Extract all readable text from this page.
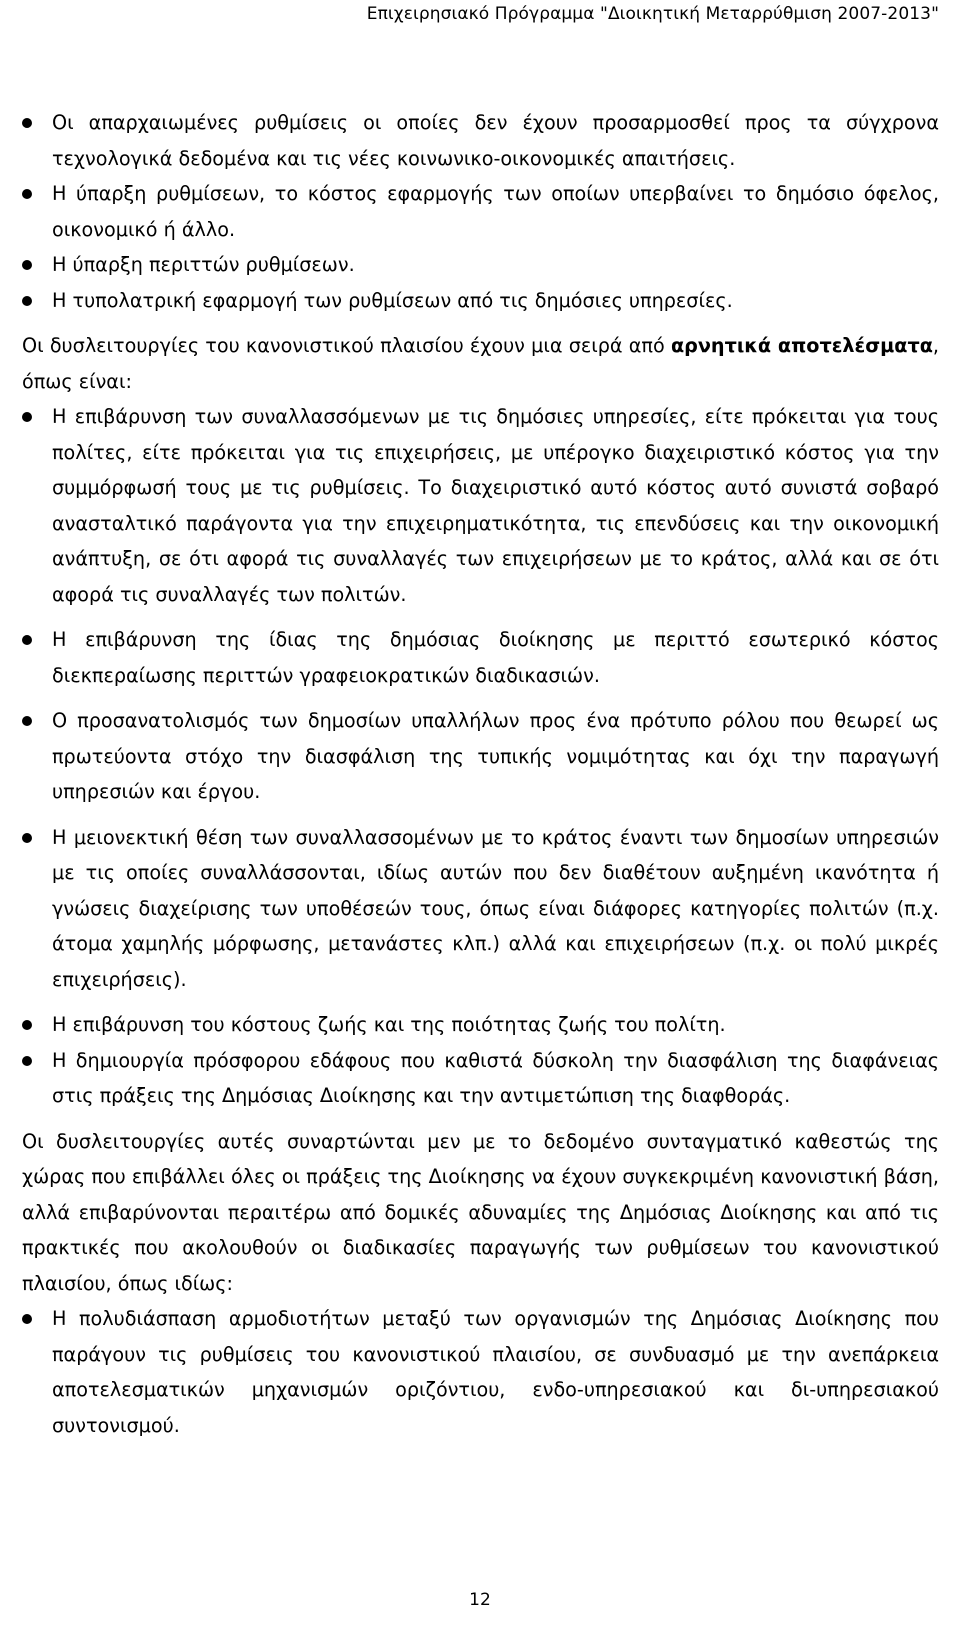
Επιχειρησιακό Πρόγραμμα "Διοικητική Μεταρρύθμιση 2007-2013"
Οι απαρχαιωμένες ρυθμίσεις οι οποίες δεν έχουν προσαρμοσθεί προς τα σύγχρονα τεχνολογικά δεδομένα και τις νέες κοινωνικο-οικονομικές απαιτήσεις.
Η ύπαρξη ρυθμίσεων, το κόστος εφαρμογής των οποίων υπερβαίνει το δημόσιο όφελος, οικονομικό ή άλλο.
Η ύπαρξη περιττών ρυθμίσεων.
Η τυπολατρική εφαρμογή των ρυθμίσεων από τις δημόσιες υπηρεσίες.

Οι δυσλειτουργίες του κανονιστικού πλαισίου έχουν μια σειρά από αρνητικά αποτελέσματα, όπως είναι:

Η επιβάρυνση των συναλλασσόμενων με τις δημόσιες υπηρεσίες, είτε πρόκειται για τους πολίτες, είτε πρόκειται για τις επιχειρήσεις, με υπέρογκο διαχειριστικό κόστος για την συμμόρφωσή τους με τις ρυθμίσεις. Το διαχειριστικό αυτό κόστος αυτό συνιστά σοβαρό ανασταλτικό παράγοντα για την επιχειρηματικότητα, τις επενδύσεις και την οικονομική ανάπτυξη, σε ότι αφορά τις συναλλαγές των επιχειρήσεων με το κράτος, αλλά και σε ότι αφορά τις συναλλαγές των πολιτών.
Η επιβάρυνση της ίδιας της δημόσιας διοίκησης με περιττό εσωτερικό κόστος διεκπεραίωσης περιττών γραφειοκρατικών διαδικασιών.
Ο προσανατολισμός των δημοσίων υπαλλήλων προς ένα πρότυπο ρόλου που θεωρεί ως πρωτεύοντα στόχο την διασφάλιση της τυπικής νομιμότητας και όχι την παραγωγή υπηρεσιών και έργου.
Η μειονεκτική θέση των συναλλασσομένων με το κράτος έναντι των δημοσίων υπηρεσιών με τις οποίες συναλλάσσονται, ιδίως αυτών που δεν διαθέτουν αυξημένη ικανότητα ή γνώσεις διαχείρισης των υποθέσεών τους, όπως είναι διάφορες κατηγορίες πολιτών (π.χ. άτομα χαμηλής μόρφωσης, μετανάστες κλπ.) αλλά και επιχειρήσεων (π.χ. οι πολύ μικρές επιχειρήσεις).
Η επιβάρυνση του κόστους ζωής και της ποιότητας ζωής του πολίτη.
Η δημιουργία πρόσφορου εδάφους που καθιστά δύσκολη την διασφάλιση της διαφάνειας στις πράξεις της Δημόσιας Διοίκησης και την αντιμετώπιση της διαφθοράς.

Οι δυσλειτουργίες αυτές συναρτώνται μεν με το δεδομένο συνταγματικό καθεστώς της χώρας που επιβάλλει όλες οι πράξεις της Διοίκησης να έχουν συγκεκριμένη κανονιστική βάση, αλλά επιβαρύνονται περαιτέρω από δομικές αδυναμίες της Δημόσιας Διοίκησης και από τις πρακτικές που ακολουθούν οι διαδικασίες παραγωγής των ρυθμίσεων του κανονιστικού πλαισίου, όπως ιδίως:

Η πολυδιάσπαση αρμοδιοτήτων μεταξύ των οργανισμών της Δημόσιας Διοίκησης που παράγουν τις ρυθμίσεις του κανονιστικού πλαισίου, σε συνδυασμό με την ανεπάρκεια αποτελεσματικών μηχανισμών οριζόντιου, ενδο-υπηρεσιακού και δι-υπηρεσιακού συντονισμού.
12
